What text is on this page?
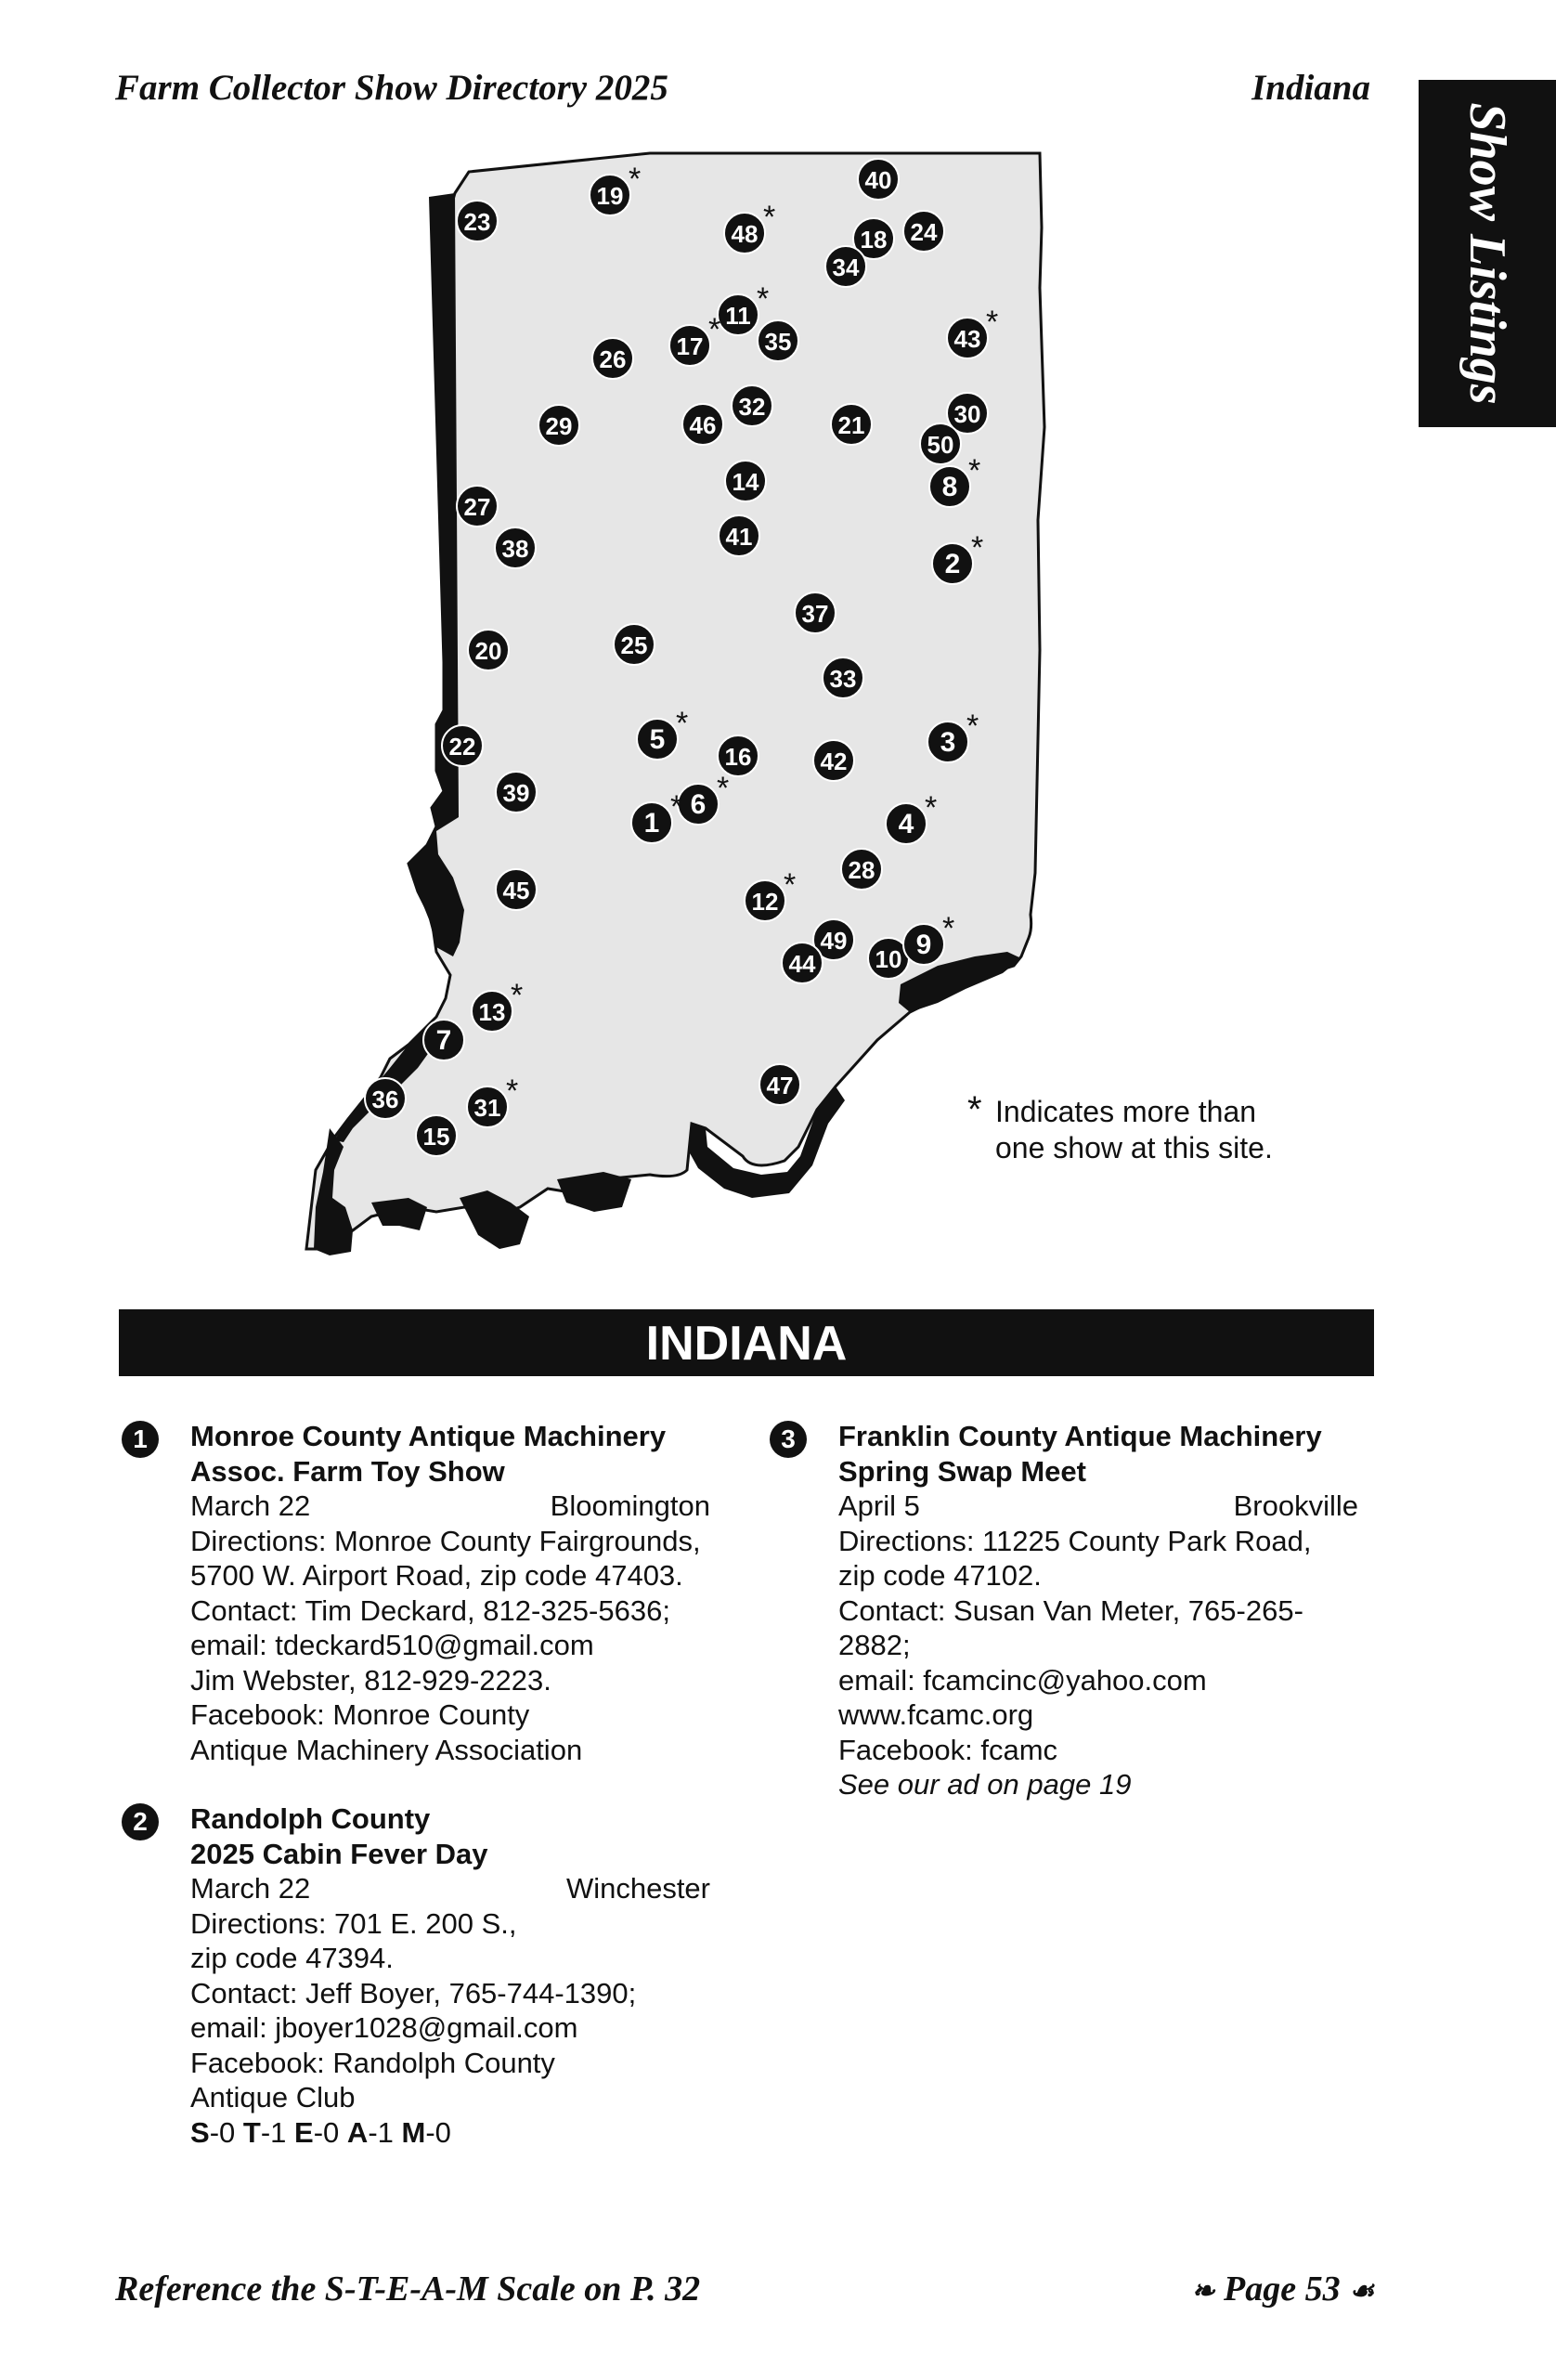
Farm Collector Show Directory 2025	Indiana
Show Listings
19 *
23
40
48 *
18 24
34
11 *
17 * 35	43 *
26
32
29	46	21	30
50
8 *
14
27
41
38	2 *
37
20	25
33
5 *
3 *
22	16	42
39	6 *
1 *	4 *
28
45	12 *
49
44 10 9 *
13 *
7
36	31 *	47
15
* Indicates more than
one show at this site.
INDIANA
1	Monroe County Antique Machinery
Assoc. Farm Toy Show
March 22	Bloomington
Directions: Monroe County Fairgrounds,
5700 W. Airport Road, zip code 47403.
Contact: Tim Deckard, 812-325-5636;
email: tdeckard510@gmail.com
Jim Webster, 812-929-2223.
Facebook: Monroe County
Antique Machinery Association
2	Randolph County
2025 Cabin Fever Day
March 22	Winchester
Directions: 701 E. 200 S.,
zip code 47394.
Contact: Jeff Boyer, 765-744-1390;
email: jboyer1028@gmail.com
Facebook: Randolph County
Antique Club
S-0 T-1 E-0 A-1 M-0
3	Franklin County Antique Machinery
Spring Swap Meet
April 5	Brookville
Directions: 11225 County Park Road,
zip code 47102.
Contact: Susan Van Meter, 765-265-2882;
email: fcamcinc@yahoo.com
www.fcamc.org
Facebook: fcamc
See our ad on page 19
Reference the S-T-E-A-M Scale on P. 32	❧ Page 53 ☙
